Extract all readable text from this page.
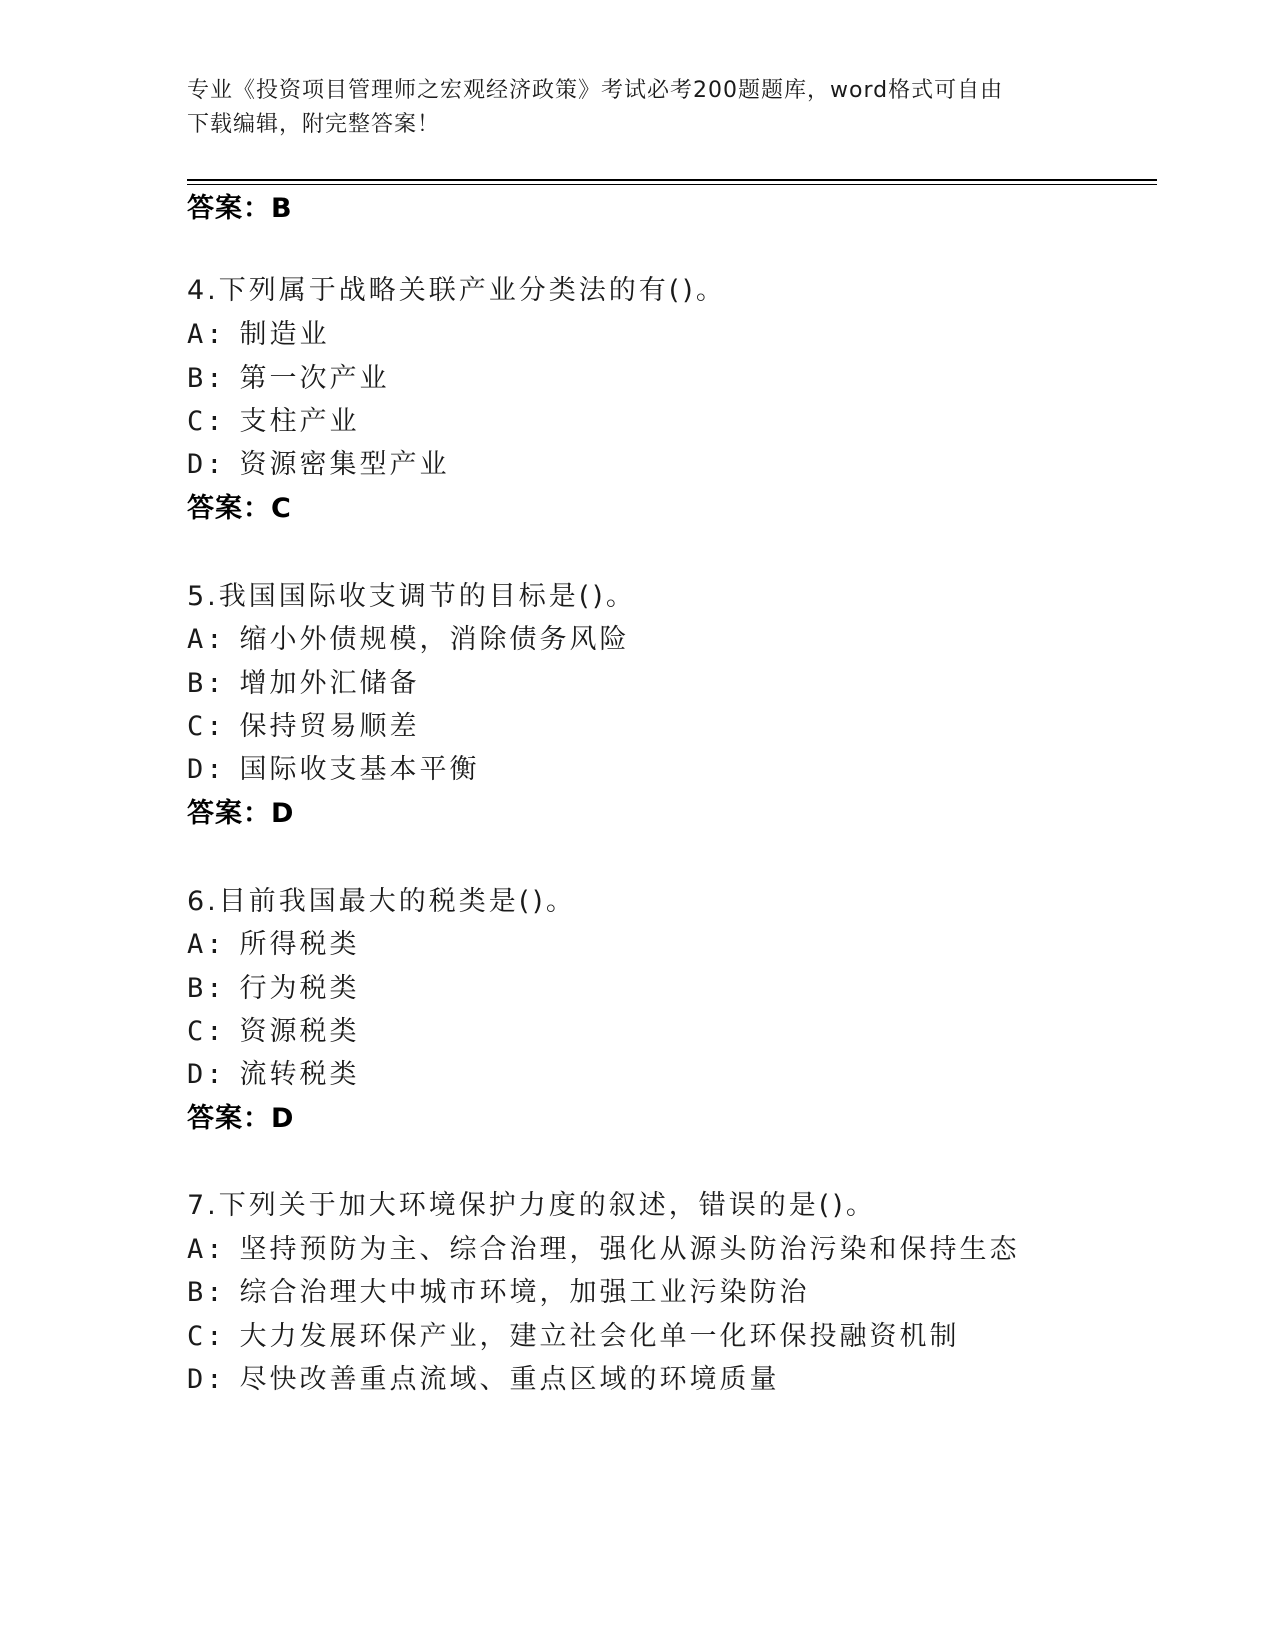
专业《投资项目管理师之宏观经济政策》考试必考200题题库，word格式可自由
下载编辑，附完整答案！
答案：B
4.下列属于战略关联产业分类法的有()。
A: 制造业
B: 第一次产业
C: 支柱产业
D: 资源密集型产业
答案：C
5.我国国际收支调节的目标是()。
A: 缩小外债规模，消除债务风险
B: 增加外汇储备
C: 保持贸易顺差
D: 国际收支基本平衡
答案：D
6.目前我国最大的税类是()。
A: 所得税类
B: 行为税类
C: 资源税类
D: 流转税类
答案：D
7.下列关于加大环境保护力度的叙述，错误的是()。
A: 坚持预防为主、综合治理，强化从源头防治污染和保持生态
B: 综合治理大中城市环境，加强工业污染防治
C: 大力发展环保产业，建立社会化单一化环保投融资机制
D: 尽快改善重点流域、重点区域的环境质量
